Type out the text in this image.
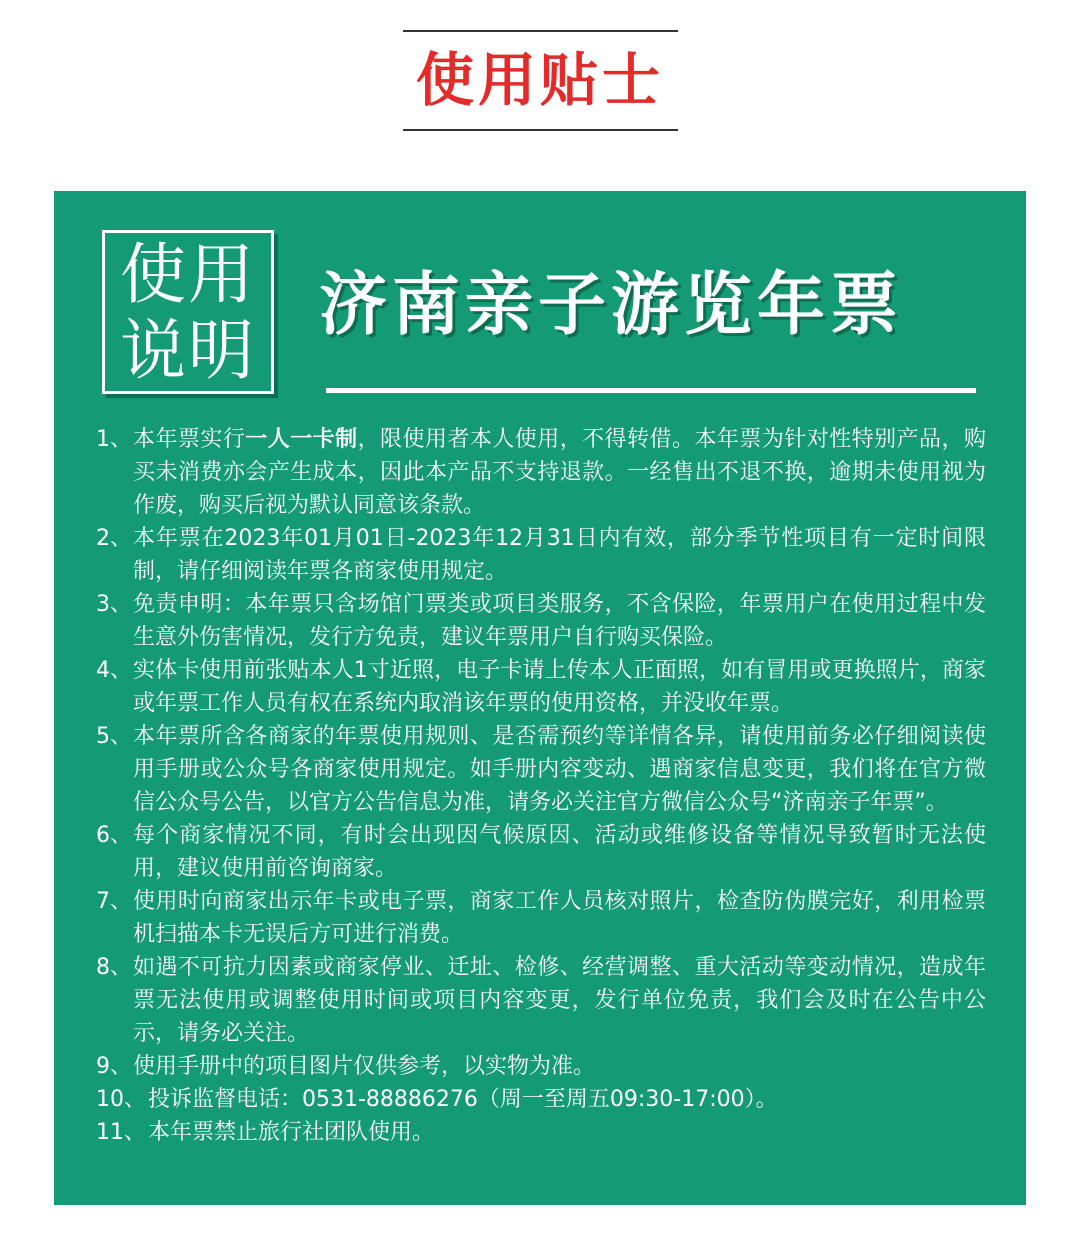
使用贴士
使用
说明
济南亲子游览年票
1、 本年票实行一人一卡制，限使用者本人使用，不得转借。本年票为针对性特别产品，购买未消费亦会产生成本，因此本产品不支持退款。一经售出不退不换，逾期未使用视为作废，购买后视为默认同意该条款。
2、 本年票在2023年01月01日-2023年12月31日内有效，部分季节性项目有一定时间限制，请仔细阅读年票各商家使用规定。
3、 免责申明：本年票只含场馆门票类或项目类服务，不含保险，年票用户在使用过程中发生意外伤害情况，发行方免责，建议年票用户自行购买保险。
4、 实体卡使用前张贴本人1寸近照，电子卡请上传本人正面照，如有冒用或更换照片，商家或年票工作人员有权在系统内取消该年票的使用资格，并没收年票。
5、 本年票所含各商家的年票使用规则、是否需预约等详情各异，请使用前务必仔细阅读使用手册或公众号各商家使用规定。如手册内容变动、遇商家信息变更，我们将在官方微信公众号公告，以官方公告信息为准，请务必关注官方微信公众号“济南亲子年票”。
6、 每个商家情况不同，有时会出现因气候原因、活动或维修设备等情况导致暂时无法使用，建议使用前咨询商家。
7、 使用时向商家出示年卡或电子票，商家工作人员核对照片，检查防伪膜完好，利用检票机扫描本卡无误后方可进行消费。
8、 如遇不可抗力因素或商家停业、迁址、检修、经营调整、重大活动等变动情况，造成年票无法使用或调整使用时间或项目内容变更，发行单位免责，我们会及时在公告中公示，请务必关注。
9、 使用手册中的项目图片仅供参考，以实物为准。
10、 投诉监督电话：0531-88886276（周一至周五09:30-17:00）。
11、 本年票禁止旅行社团队使用。
